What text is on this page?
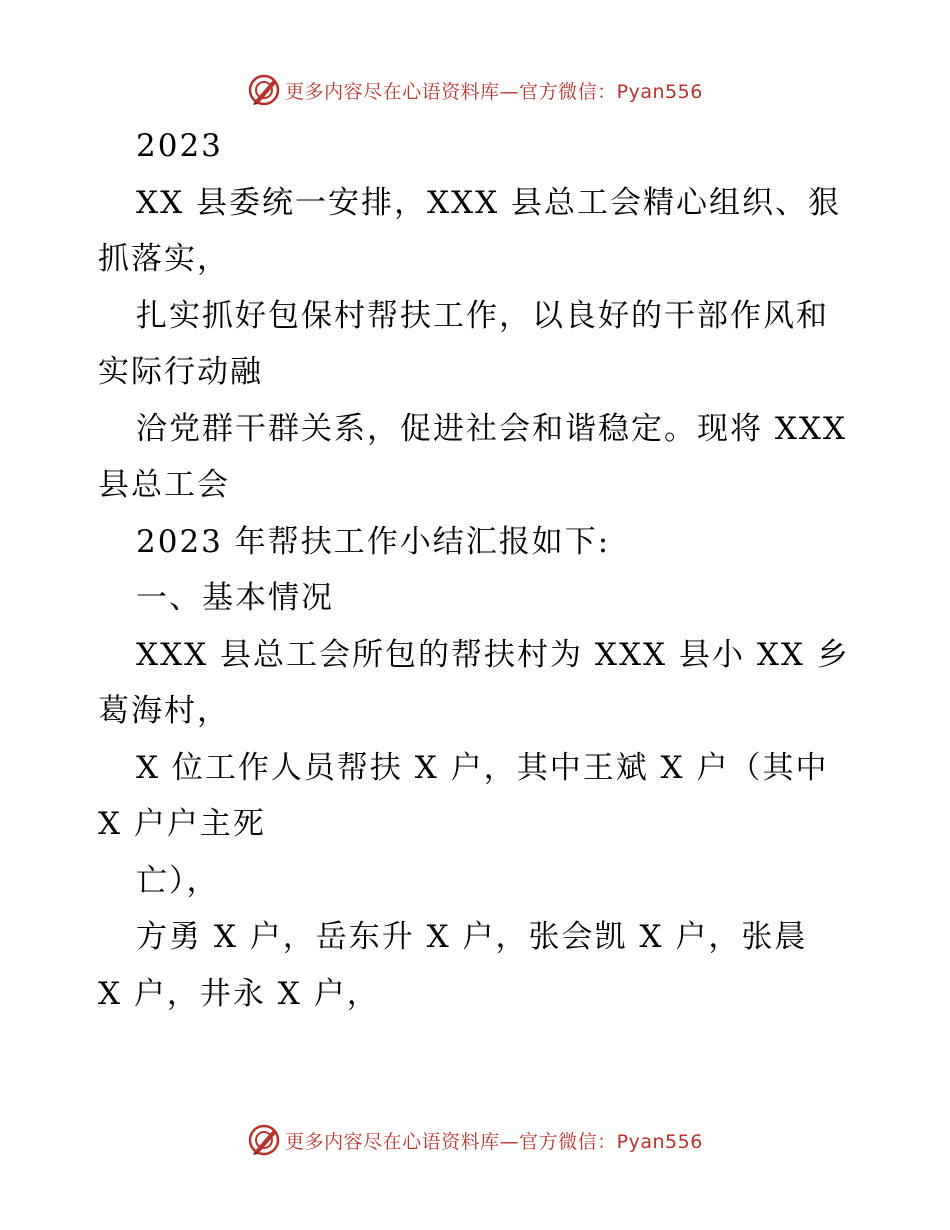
更多内容尽在心语资料库—官方微信：Pyan556
2023
XX 县委统一安排，XXX 县总工会精心组织、狠
抓落实，
扎实抓好包保村帮扶工作，以良好的干部作风和
实际行动融
洽党群干群关系，促进社会和谐稳定。现将 XXX
县总工会
2023 年帮扶工作小结汇报如下:
一、基本情况
XXX 县总工会所包的帮扶村为 XXX 县小 XX 乡
葛海村，
X 位工作人员帮扶 X 户，其中王斌 X 户（其中
X 户户主死
亡），
方勇 X 户，岳东升 X 户，张会凯 X 户，张晨
X 户，井永 X 户，
更多内容尽在心语资料库—官方微信：Pyan556
